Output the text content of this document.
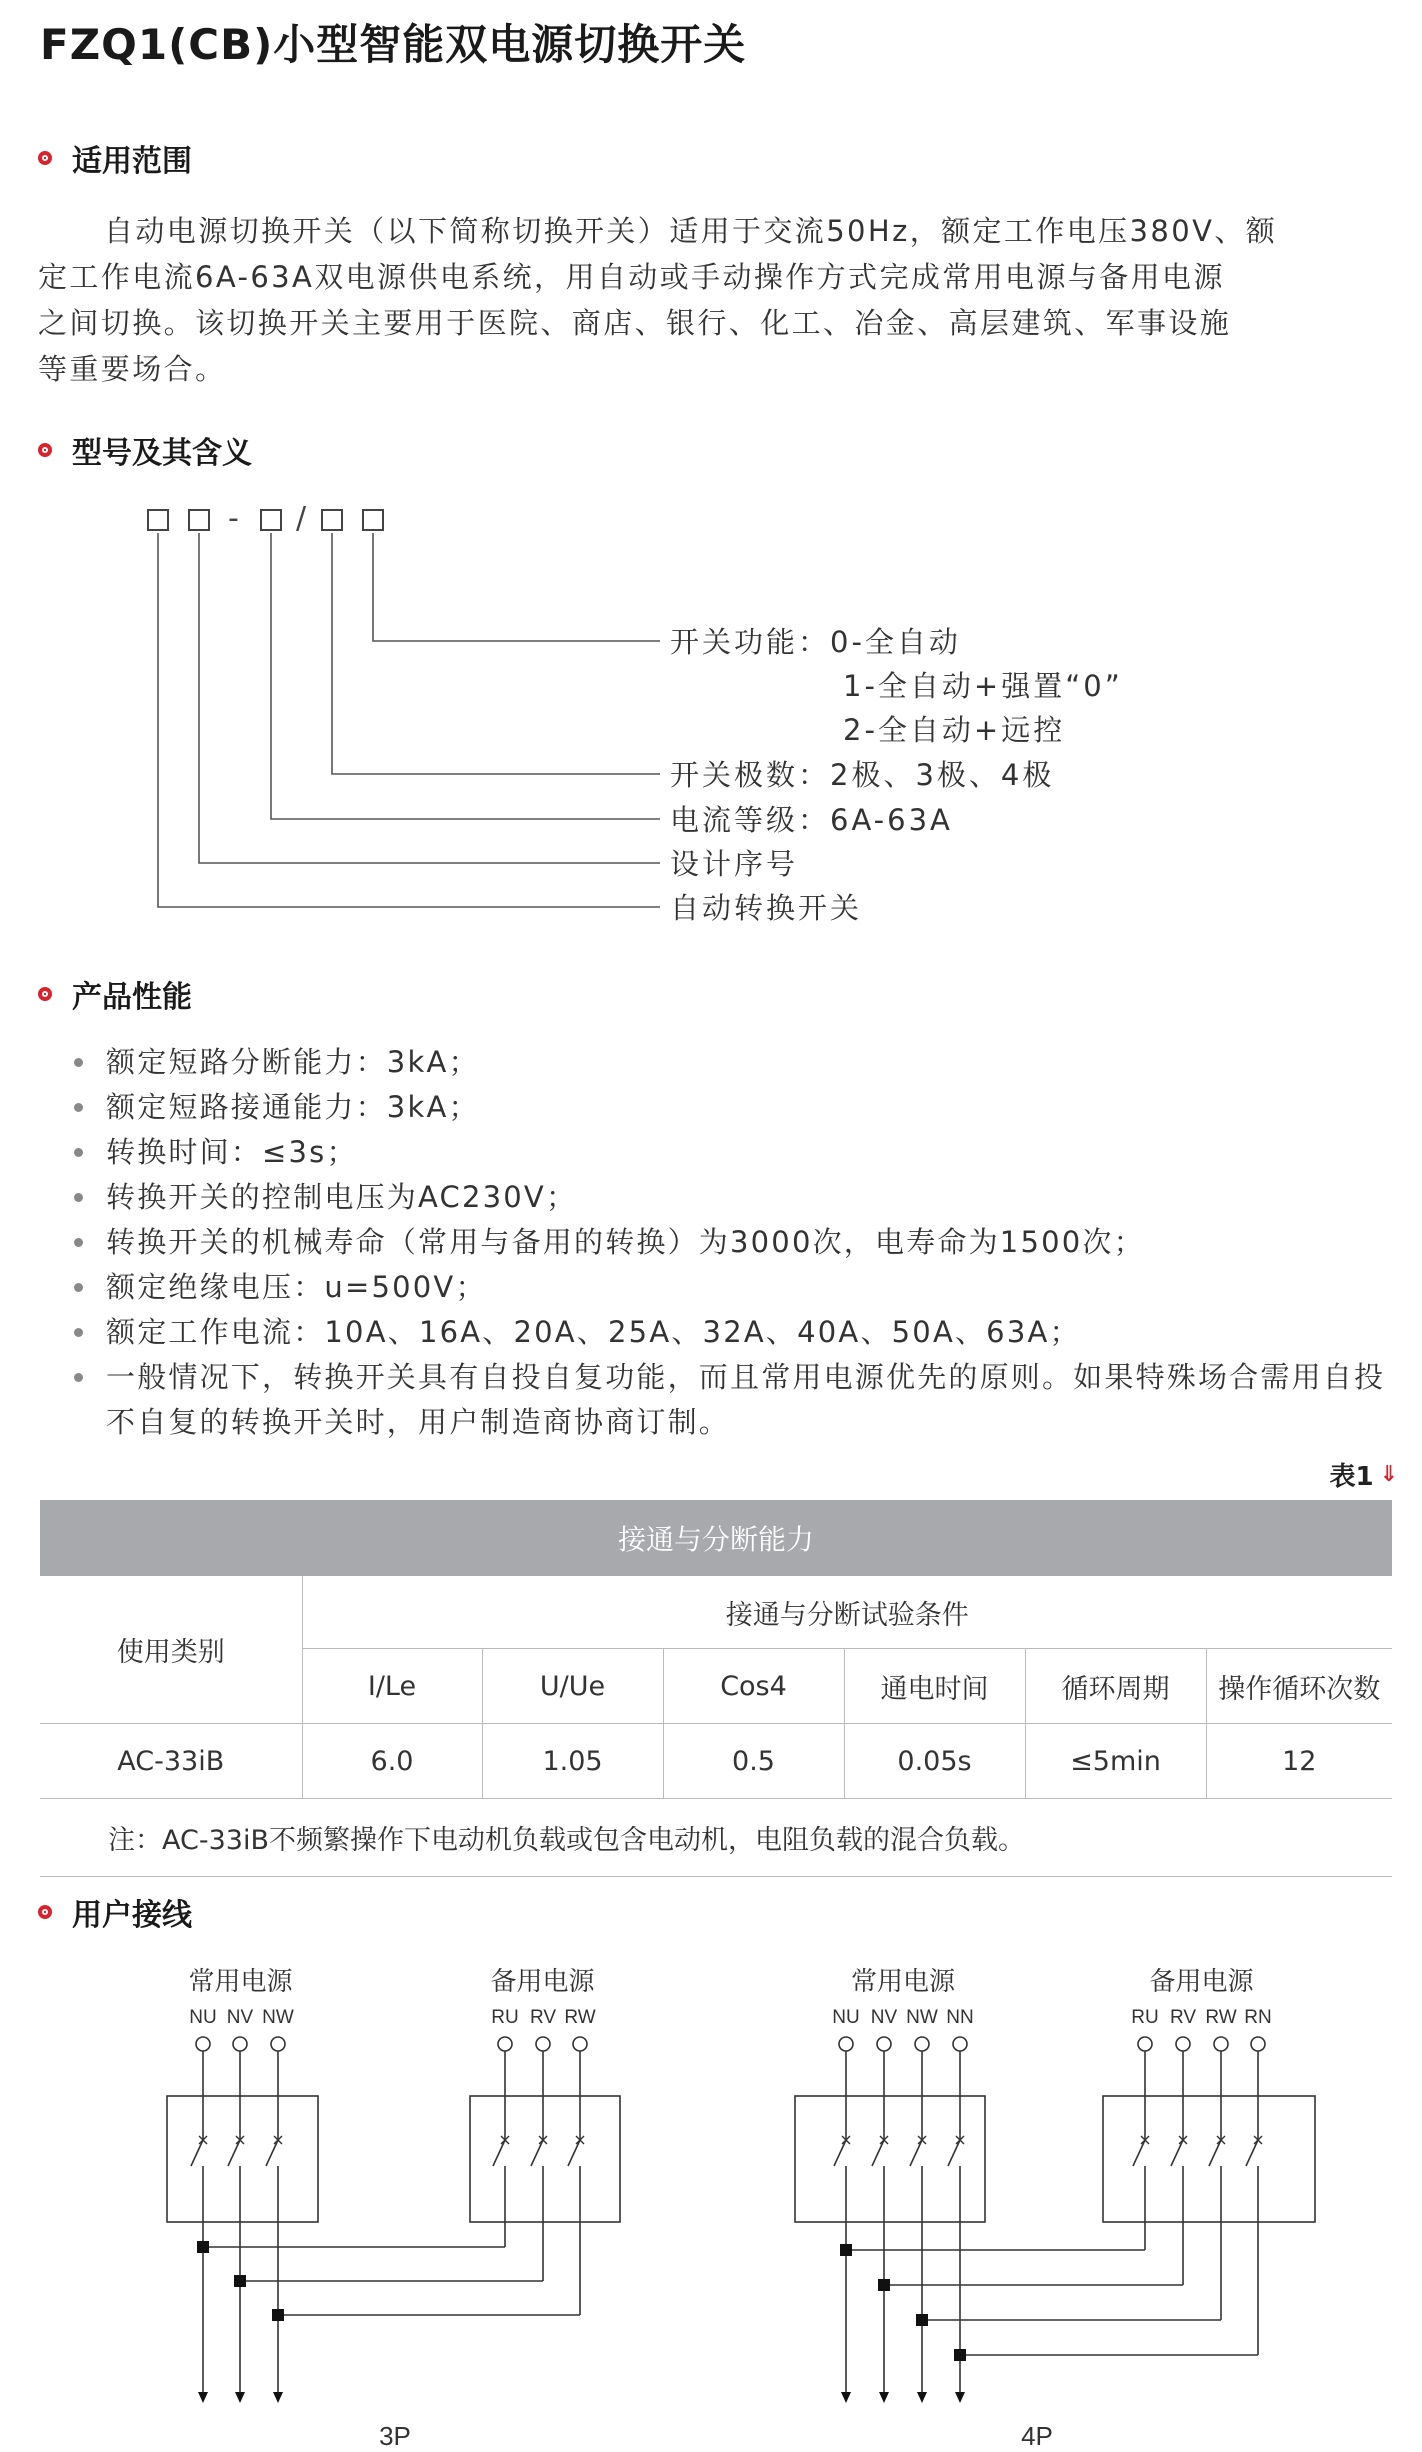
FZQ1(CB)小型智能双电源切换开关
适用范围
自动电源切换开关（以下简称切换开关）适用于交流50Hz，额定工作电压380V、额
定工作电流6A-63A双电源供电系统，用自动或手动操作方式完成常用电源与备用电源
之间切换。该切换开关主要用于医院、商店、银行、化工、冶金、高层建筑、军事设施
等重要场合。
型号及其含义
- /
开关功能：0-全自动
1-全自动+强置“0”
2-全自动+远控
开关极数：2极、3极、4极
电流等级：6A-63A
设计序号
自动转换开关
产品性能
额定短路分断能力：3kA；
额定短路接通能力：3kA；
转换时间：≤3s；
转换开关的控制电压为AC230V；
转换开关的机械寿命（常用与备用的转换）为3000次，电寿命为1500次；
额定绝缘电压：u=500V；
额定工作电流：10A、16A、20A、25A、32A、40A、50A、63A；
一般情况下，转换开关具有自投自复功能，而且常用电源优先的原则。如果特殊场合需用自投不自复的转换开关时，用户制造商协商订制。
表1 ⇓
接通与分断能力						
使用类别	接通与分断试验条件					
	I/Le	U/Ue	Cos4	通电时间	循环周期	操作循环次数
AC-33iB	6.0	1.05	0.5	0.05s	≤5min	12
注：AC-33iB不频繁操作下电动机负载或包含电动机，电阻负载的混合负载。						
用户接线
常用电源	备用电源
NU NV NW	RU RV RW
3P
常用电源	备用电源
NU NV NW NN	RU RV RW RN
4P
